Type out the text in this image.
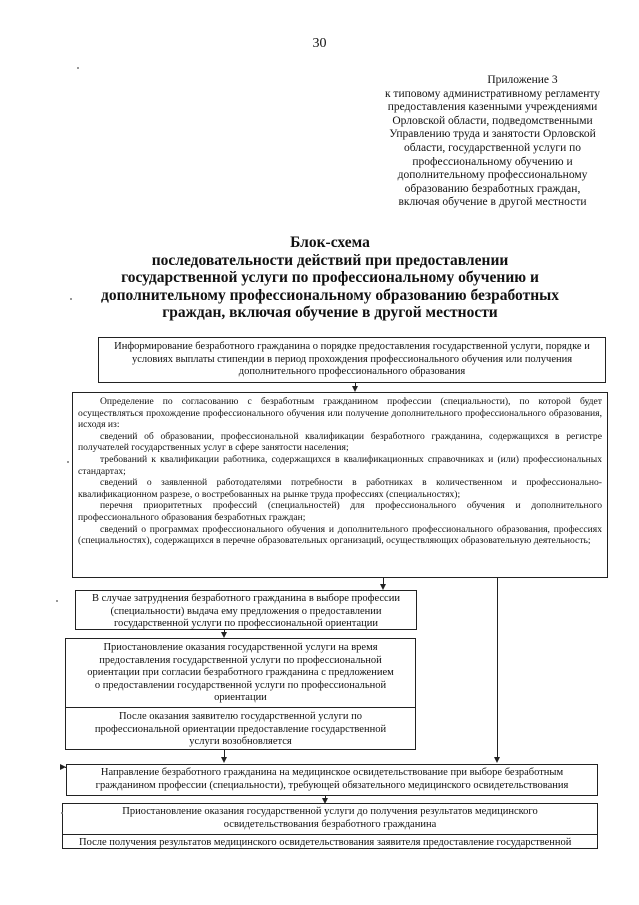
30
Приложение 3
к типовому административному регламенту
предоставления казенными учреждениями
Орловской области, подведомственными
Управлению труда и занятости Орловской
области, государственной услуги по
профессиональному обучению и
дополнительному профессиональному
образованию безработных граждан,
включая обучение в другой местности
Блок-схема
последовательности действий при предоставлении
государственной услуги по профессиональному обучению и
дополнительному профессиональному образованию безработных
граждан, включая обучение в другой местности
Информирование безработного гражданина о порядке предоставления государственной услуги, порядке и условиях выплаты стипендии в период прохождения профессионального обучения или получения дополнительного профессионального образования

Определение по согласованию с безработным гражданином профессии (специальности), по которой будет осуществляться прохождение профессионального обучения или получение дополнительного профессионального образования, исходя из:

сведений об образовании, профессиональной квалификации безработного гражданина, содержащихся в регистре получателей государственных услуг в сфере занятости населения;

требований к квалификации работника, содержащихся в квалификационных справочниках и (или) профессиональных стандартах;

сведений о заявленной работодателями потребности в работниках в количественном и профессионально-квалификационном разрезе, о востребованных на рынке труда профессиях (специальностях);

перечня приоритетных профессий (специальностей) для профессионального обучения и дополнительного профессионального образования безработных граждан;

сведений о программах профессионального обучения и дополнительного профессионального образования, профессиях (специальностях), содержащихся в перечне образовательных организаций, осуществляющих образовательную деятельность;

В случае затруднения безработного гражданина в выборе профессии (специальности) выдача ему предложения о предоставлении государственной услуги по профессиональной ориентации
Приостановление оказания государственной услуги на время предоставления государственной услуги по профессиональной ориентации при согласии безработного гражданина с предложением о предоставлении государственной услуги по профессиональной ориентации
После оказания заявителю государственной услуги по профессиональной ориентации предоставление государственной услуги возобновляется
Направление безработного гражданина на медицинское освидетельствование при выборе безработным гражданином профессии (специальности), требующей обязательного медицинского освидетельствования
Приостановление оказания государственной услуги до получения результатов медицинского освидетельствования безработного гражданина
После получения результатов медицинского освидетельствования заявителя предоставление государственной
